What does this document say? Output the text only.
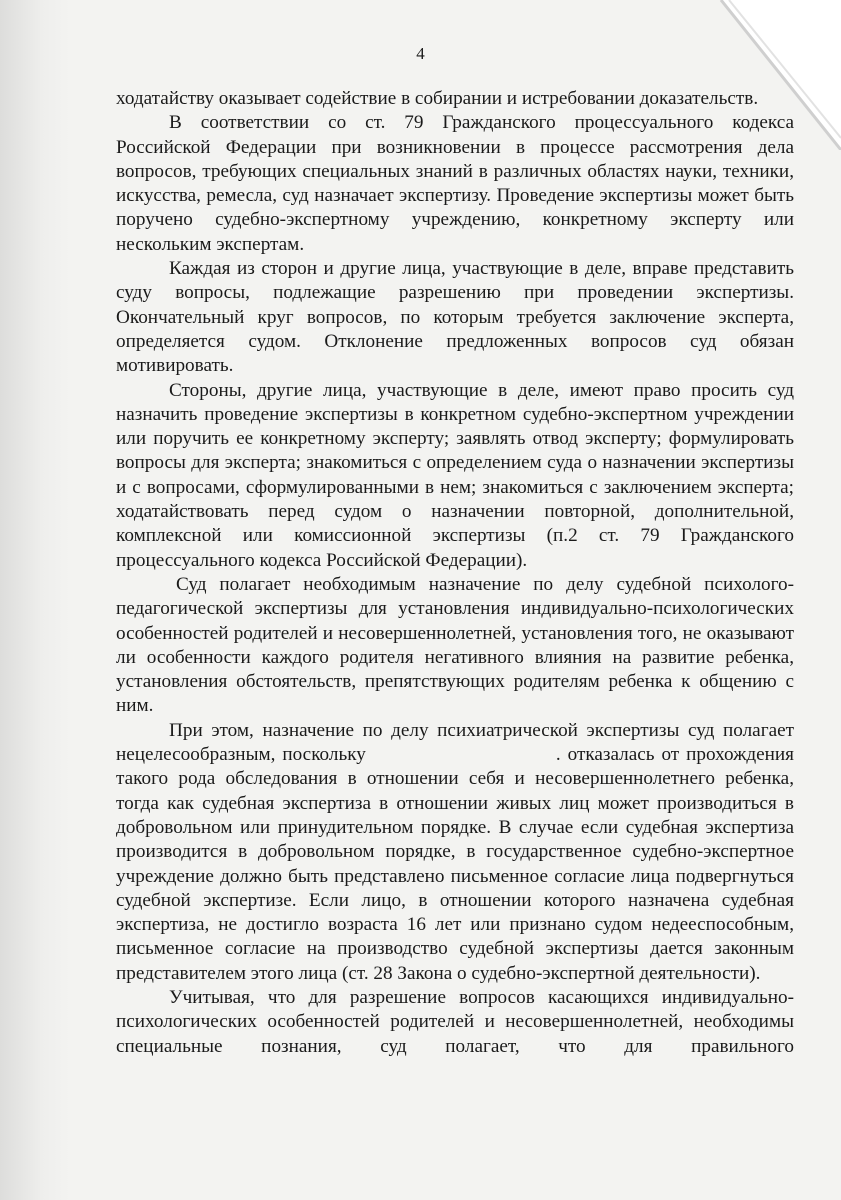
4

ходатайству оказывает содействие в собирании и истребовании доказательств.

В соответствии со ст. 79 Гражданского процессуального кодекса Российской Федерации при возникновении в процессе рассмотрения дела вопросов, требующих специальных знаний в различных областях науки, техники, искусства, ремесла, суд назначает экспертизу. Проведение экспертизы может быть поручено судебно-экспертному учреждению, конкретному эксперту или нескольким экспертам.

Каждая из сторон и другие лица, участвующие в деле, вправе представить суду вопросы, подлежащие разрешению при проведении экспертизы. Окончательный круг вопросов, по которым требуется заключение эксперта, определяется судом. Отклонение предложенных вопросов суд обязан мотивировать.

Стороны, другие лица, участвующие в деле, имеют право просить суд назначить проведение экспертизы в конкретном судебно-экспертном учреждении или поручить ее конкретному эксперту; заявлять отвод эксперту; формулировать вопросы для эксперта; знакомиться с определением суда о назначении экспертизы и с вопросами, сформулированными в нем; знакомиться с заключением эксперта; ходатайствовать перед судом о назначении повторной, дополнительной, комплексной или комиссионной экспертизы (п.2 ст. 79 Гражданского процессуального кодекса Российской Федерации).

Суд полагает необходимым назначение по делу судебной психолого-педагогической экспертизы для установления индивидуально-психологических особенностей родителей и несовершеннолетней, установления того, не оказывают ли особенности каждого родителя негативного влияния на развитие ребенка, установления обстоятельств, препятствующих родителям ребенка к общению с ним.

При этом, назначение по делу психиатрической экспертизы суд полагает нецелесообразным, поскольку	. отказалась от прохождения такого рода обследования в отношении себя и несовершеннолетнего ребенка, тогда как судебная экспертиза в отношении живых лиц может производиться в добровольном или принудительном порядке. В случае если судебная экспертиза производится в добровольном порядке, в государственное судебно-экспертное учреждение должно быть представлено письменное согласие лица подвергнуться судебной экспертизе. Если лицо, в отношении которого назначена судебная экспертиза, не достигло возраста 16 лет или признано судом недееспособным, письменное согласие на производство судебной экспертизы дается законным представителем этого лица (ст. 28 Закона о судебно-экспертной деятельности).

Учитывая, что для разрешение вопросов касающихся индивидуально-психологических особенностей родителей и несовершеннолетней, необходимы специальные познания, суд полагает, что для правильного
